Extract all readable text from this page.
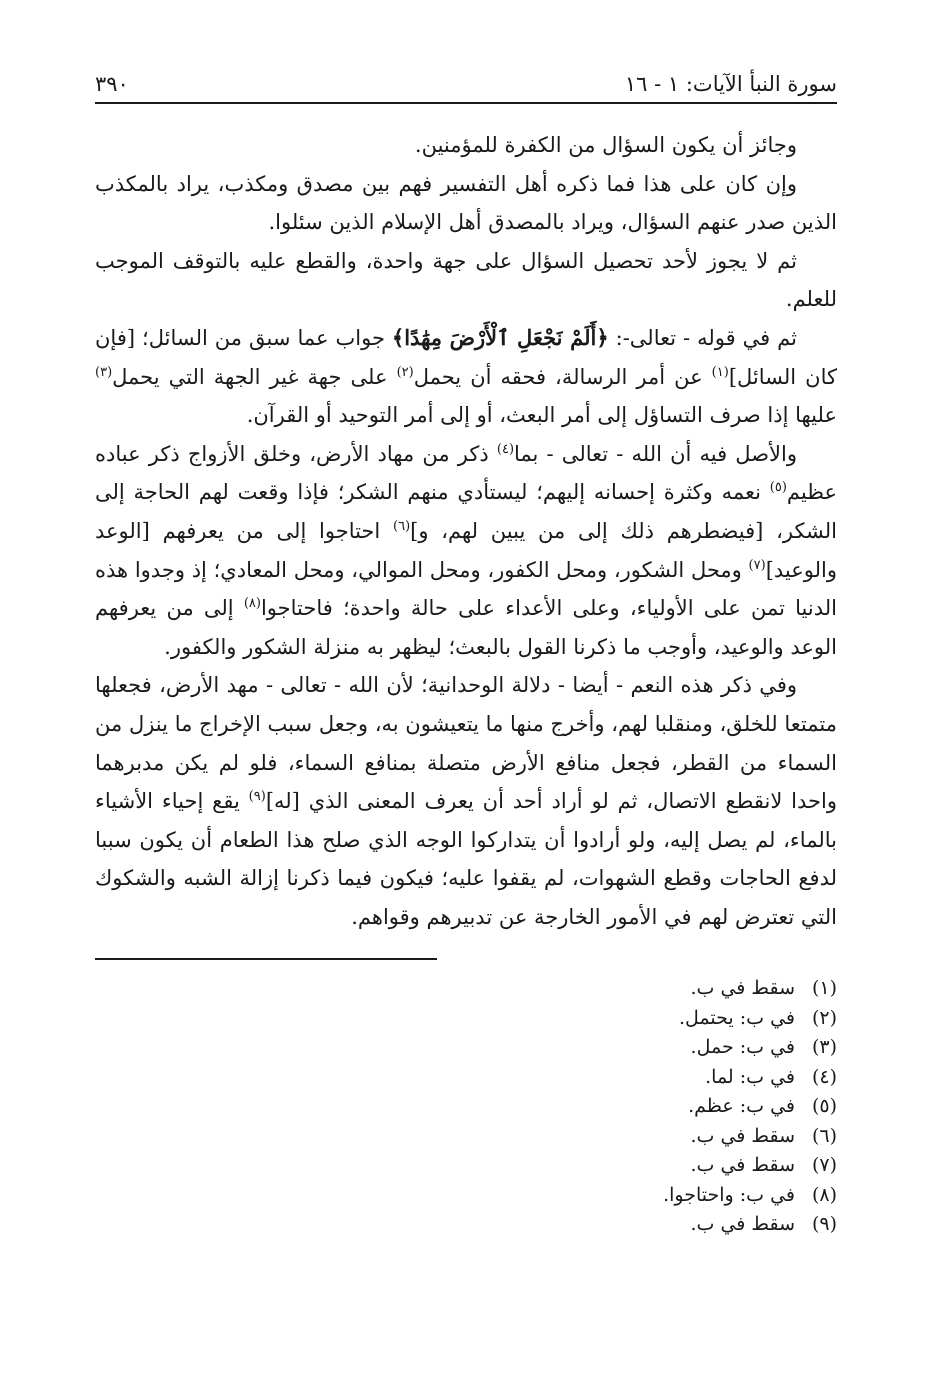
سورة النبأ الآيات: ١ - ١٦
٣٩٠

وجائز أن يكون السؤال من الكفرة للمؤمنين.

وإن كان على هذا فما ذكره أهل التفسير فهم بين مصدق ومكذب، يراد بالمكذب الذين صدر عنهم السؤال، ويراد بالمصدق أهل الإسلام الذين سئلوا.

ثم لا يجوز لأحد تحصيل السؤال على جهة واحدة، والقطع عليه بالتوقف الموجب للعلم.

ثم في قوله - تعالى-: ﴿أَلَمْ نَجْعَلِ ٱلْأَرْضَ مِهَٰدًا﴾ جواب عما سبق من السائل؛ [فإن كان السائل]$^{(١)}$ عن أمر الرسالة، فحقه أن يحمل$^{(٢)}$ على جهة غير الجهة التي يحمل$^{(٣)}$ عليها إذا صرف التساؤل إلى أمر البعث، أو إلى أمر التوحيد أو القرآن.

والأصل فيه أن الله - تعالى - بما$^{(٤)}$ ذكر من مهاد الأرض، وخلق الأزواج ذكر عباده عظيم$^{(٥)}$ نعمه وكثرة إحسانه إليهم؛ ليستأدي منهم الشكر؛ فإذا وقعت لهم الحاجة إلى الشكر، [فيضطرهم ذلك إلى من يبين لهم، و]$^{(٦)}$ احتاجوا إلى من يعرفهم [الوعد والوعيد]$^{(٧)}$ ومحل الشكور، ومحل الكفور، ومحل الموالي، ومحل المعادي؛ إذ وجدوا هذه الدنيا تمن على الأولياء، وعلى الأعداء على حالة واحدة؛ فاحتاجوا$^{(٨)}$ إلى من يعرفهم الوعد والوعيد، وأوجب ما ذكرنا القول بالبعث؛ ليظهر به منزلة الشكور والكفور.

وفي ذكر هذه النعم - أيضا - دلالة الوحدانية؛ لأن الله - تعالى - مهد الأرض، فجعلها متمتعا للخلق، ومنقلبا لهم، وأخرج منها ما يتعيشون به، وجعل سبب الإخراج ما ينزل من السماء من القطر، فجعل منافع الأرض متصلة بمنافع السماء، فلو لم يكن مدبرهما واحدا لانقطع الاتصال، ثم لو أراد أحد أن يعرف المعنى الذي [له]$^{(٩)}$ يقع إحياء الأشياء بالماء، لم يصل إليه، ولو أرادوا أن يتداركوا الوجه الذي صلح هذا الطعام أن يكون سببا لدفع الحاجات وقطع الشهوات، لم يقفوا عليه؛ فيكون فيما ذكرنا إزالة الشبه والشكوك التي تعترض لهم في الأمور الخارجة عن تدبيرهم وقواهم.

(١)
سقط في ب.
(٢)
في ب: يحتمل.
(٣)
في ب: حمل.
(٤)
في ب: لما.
(٥)
في ب: عظم.
(٦)
سقط في ب.
(٧)
سقط في ب.
(٨)
في ب: واحتاجوا.
(٩)
سقط في ب.
